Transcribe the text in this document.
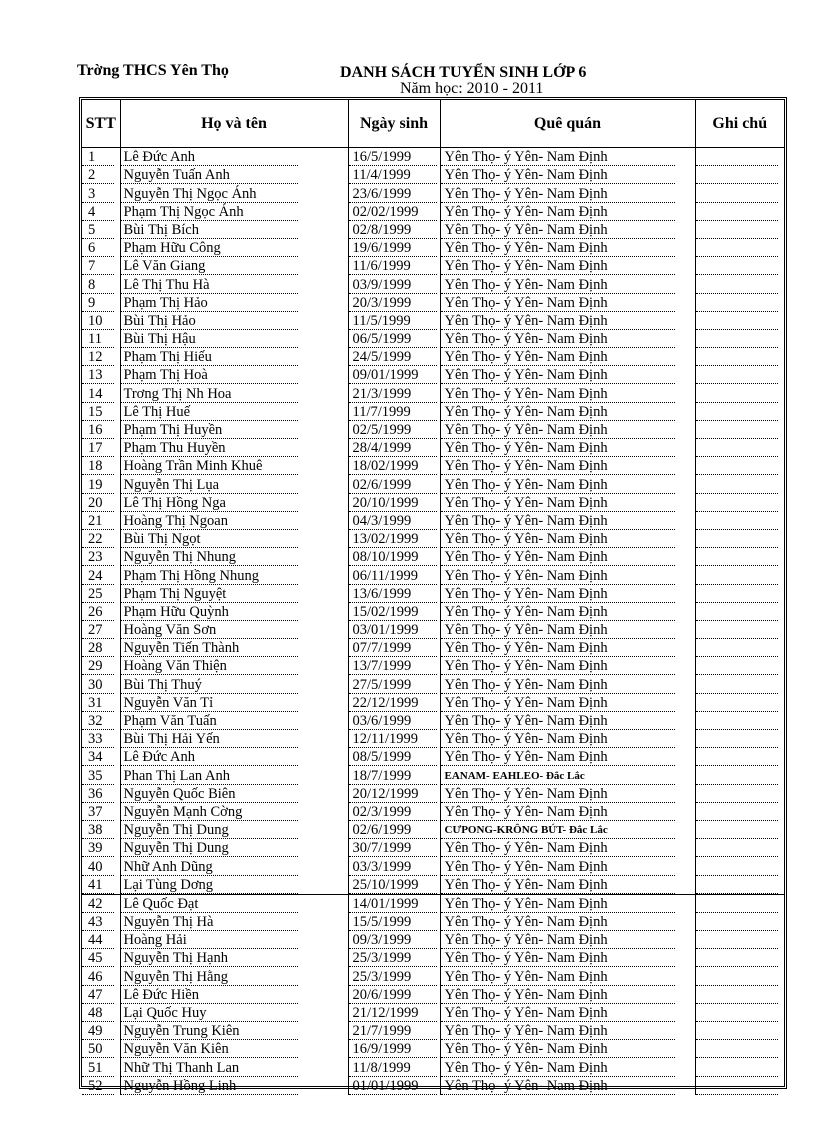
Trờng THCS Yên Thọ	DANH SÁCH TUYỂN SINH LỚP 6
Năm học: 2010 - 2011
STT	Họ và tên	Ngày sinh	Quê quán	Ghi chú
1	Lê Đức Anh	16/5/1999	Yên Thọ- ý Yên- Nam Định	
2	Nguyễn Tuấn Anh	11/4/1999	Yên Thọ- ý Yên- Nam Định	
3	Nguyễn Thị Ngọc Ánh	23/6/1999	Yên Thọ- ý Yên- Nam Định	
4	Phạm Thị Ngọc Ánh	02/02/1999	Yên Thọ- ý Yên- Nam Định	
5	Bùi Thị Bích	02/8/1999	Yên Thọ- ý Yên- Nam Định	
6	Phạm Hữu Công	19/6/1999	Yên Thọ- ý Yên- Nam Định	
7	Lê Văn Giang	11/6/1999	Yên Thọ- ý Yên- Nam Định	
8	Lê Thị Thu Hà	03/9/1999	Yên Thọ- ý Yên- Nam Định	
9	Phạm Thị Hảo	20/3/1999	Yên Thọ- ý Yên- Nam Định	
10	Bùi Thị Hảo	11/5/1999	Yên Thọ- ý Yên- Nam Định	
11	Bùi Thị Hậu	06/5/1999	Yên Thọ- ý Yên- Nam Định	
12	Phạm Thị Hiếu	24/5/1999	Yên Thọ- ý Yên- Nam Định	
13	Phạm Thị Hoà	09/01/1999	Yên Thọ- ý Yên- Nam Định	
14	Trơng Thị Nh Hoa	21/3/1999	Yên Thọ- ý Yên- Nam Định	
15	Lê Thị Huế	11/7/1999	Yên Thọ- ý Yên- Nam Định	
16	Phạm Thị Huyền	02/5/1999	Yên Thọ- ý Yên- Nam Định	
17	Phạm Thu Huyền	28/4/1999	Yên Thọ- ý Yên- Nam Định	
18	Hoàng Trần Minh Khuê	18/02/1999	Yên Thọ- ý Yên- Nam Định	
19	Nguyễn Thị Lụa	02/6/1999	Yên Thọ- ý Yên- Nam Định	
20	Lê Thị Hồng Nga	20/10/1999	Yên Thọ- ý Yên- Nam Định	
21	Hoàng Thị Ngoan	04/3/1999	Yên Thọ- ý Yên- Nam Định	
22	Bùi Thị Ngọt	13/02/1999	Yên Thọ- ý Yên- Nam Định	
23	Nguyễn Thị Nhung	08/10/1999	Yên Thọ- ý Yên- Nam Định	
24	Phạm Thị Hồng Nhung	06/11/1999	Yên Thọ- ý Yên- Nam Định	
25	Phạm Thị Nguyệt	13/6/1999	Yên Thọ- ý Yên- Nam Định	
26	Phạm Hữu Quỳnh	15/02/1999	Yên Thọ- ý Yên- Nam Định	
27	Hoàng Văn Sơn	03/01/1999	Yên Thọ- ý Yên- Nam Định	
28	Nguyễn Tiến Thành	07/7/1999	Yên Thọ- ý Yên- Nam Định	
29	Hoàng Văn Thiện	13/7/1999	Yên Thọ- ý Yên- Nam Định	
30	Bùi Thị Thuý	27/5/1999	Yên Thọ- ý Yên- Nam Định	
31	Nguyễn Văn Tỉ	22/12/1999	Yên Thọ- ý Yên- Nam Định	
32	Phạm Văn Tuấn	03/6/1999	Yên Thọ- ý Yên- Nam Định	
33	Bùi Thị Hải Yến	12/11/1999	Yên Thọ- ý Yên- Nam Định	
34	Lê Đức Anh	08/5/1999	Yên Thọ- ý Yên- Nam Định	
35	Phan Thị Lan Anh	18/7/1999	EANAM- EAHLEO- Đắc Lắc	
36	Nguyễn Quốc Biên	20/12/1999	Yên Thọ- ý Yên- Nam Định	
37	Nguyễn Mạnh Cờng	02/3/1999	Yên Thọ- ý Yên- Nam Định	
38	Nguyễn Thị Dung	02/6/1999	CƯPONG-KRÔNG BÚT- Đắc Lắc	
39	Nguyễn Thị Dung	30/7/1999	Yên Thọ- ý Yên- Nam Định	
40	Nhữ Anh Dũng	03/3/1999	Yên Thọ- ý Yên- Nam Định	
41	Lại Tùng Dơng	25/10/1999	Yên Thọ- ý Yên- Nam Định	
42	Lê Quốc Đạt	14/01/1999	Yên Thọ- ý Yên- Nam Định	
43	Nguyễn Thị Hà	15/5/1999	Yên Thọ- ý Yên- Nam Định	
44	Hoàng Hải	09/3/1999	Yên Thọ- ý Yên- Nam Định	
45	Nguyễn Thị Hạnh	25/3/1999	Yên Thọ- ý Yên- Nam Định	
46	Nguyễn Thị Hằng	25/3/1999	Yên Thọ- ý Yên- Nam Định	
47	Lê Đức Hiền	20/6/1999	Yên Thọ- ý Yên- Nam Định	
48	Lại Quốc Huy	21/12/1999	Yên Thọ- ý Yên- Nam Định	
49	Nguyễn Trung Kiên	21/7/1999	Yên Thọ- ý Yên- Nam Định	
50	Nguyễn Văn Kiên	16/9/1999	Yên Thọ- ý Yên- Nam Định	
51	Nhữ Thị Thanh Lan	11/8/1999	Yên Thọ- ý Yên- Nam Định	
52	Nguyễn Hồng Linh	01/01/1999	Yên Thọ- ý Yên- Nam Định	
